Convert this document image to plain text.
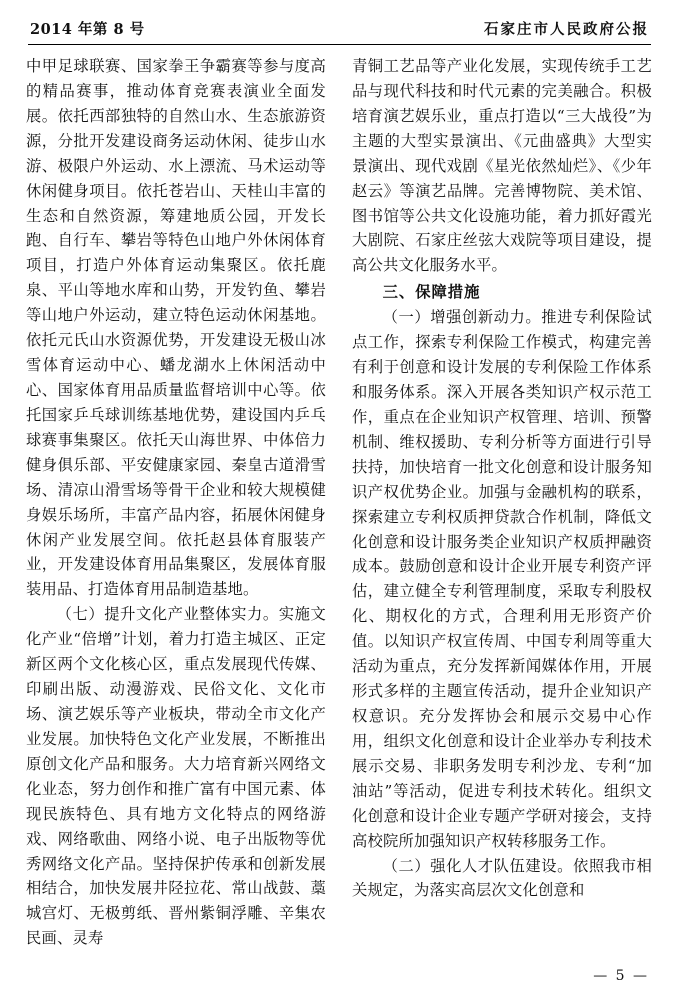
2014 年第 8 号	石家庄市人民政府公报

中甲足球联赛、国家拳王争霸赛等参与度高的精品赛事，推动体育竞赛表演业全面发展。依托西部独特的自然山水、生态旅游资源，分批开发建设商务运动休闲、徒步山水游、极限户外运动、水上漂流、马术运动等休闲健身项目。依托苍岩山、天桂山丰富的生态和自然资源，筹建地质公园，开发长跑、自行车、攀岩等特色山地户外休闲体育项目，打造户外体育运动集聚区。依托鹿泉、平山等地水库和山势，开发钓鱼、攀岩等山地户外运动，建立特色运动休闲基地。依托元氏山水资源优势，开发建设无极山冰雪体育运动中心、蟠龙湖水上休闲活动中心、国家体育用品质量监督培训中心等。依托国家乒乓球训练基地优势，建设国内乒乓球赛事集聚区。依托天山海世界、中体倍力健身俱乐部、平安健康家园、秦皇古道滑雪场、清凉山滑雪场等骨干企业和较大规模健身娱乐场所，丰富产品内容，拓展休闲健身休闲产业发展空间。依托赵县体育服装产业，开发建设体育用品集聚区，发展体育服装用品、打造体育用品制造基地。

（七）提升文化产业整体实力。实施文化产业“倍增”计划，着力打造主城区、正定新区两个文化核心区，重点发展现代传媒、印刷出版、动漫游戏、民俗文化、文化市场、演艺娱乐等产业板块，带动全市文化产业发展。加快特色文化产业发展，不断推出原创文化产品和服务。大力培育新兴网络文化业态，努力创作和推广富有中国元素、体现民族特色、具有地方文化特点的网络游戏、网络歌曲、网络小说、电子出版物等优秀网络文化产品。坚持保护传承和创新发展相结合，加快发展井陉拉花、常山战鼓、藁城宫灯、无极剪纸、晋州紫铜浮雕、辛集农民画、灵寿

青铜工艺品等产业化发展，实现传统手工艺品与现代科技和时代元素的完美融合。积极培育演艺娱乐业，重点打造以“三大战役”为主题的大型实景演出、《元曲盛典》大型实景演出、现代戏剧《星光依然灿烂》、《少年赵云》等演艺品牌。完善博物院、美术馆、图书馆等公共文化设施功能，着力抓好霞光大剧院、石家庄丝弦大戏院等项目建设，提高公共文化服务水平。

三、保障措施

（一）增强创新动力。推进专利保险试点工作，探索专利保险工作模式，构建完善有利于创意和设计发展的专利保险工作体系和服务体系。深入开展各类知识产权示范工作，重点在企业知识产权管理、培训、预警机制、维权援助、专利分析等方面进行引导扶持，加快培育一批文化创意和设计服务知识产权优势企业。加强与金融机构的联系，探索建立专利权质押贷款合作机制，降低文化创意和设计服务类企业知识产权质押融资成本。鼓励创意和设计企业开展专利资产评估，建立健全专利管理制度，采取专利股权化、期权化的方式，合理利用无形资产价值。以知识产权宣传周、中国专利周等重大活动为重点，充分发挥新闻媒体作用，开展形式多样的主题宣传活动，提升企业知识产权意识。充分发挥协会和展示交易中心作用，组织文化创意和设计企业举办专利技术展示交易、非职务发明专利沙龙、专利“加油站”等活动，促进专利技术转化。组织文化创意和设计企业专题产学研对接会，支持高校院所加强知识产权转移服务工作。

（二）强化人才队伍建设。依照我市相关规定，为落实高层次文化创意和

— 5 —
